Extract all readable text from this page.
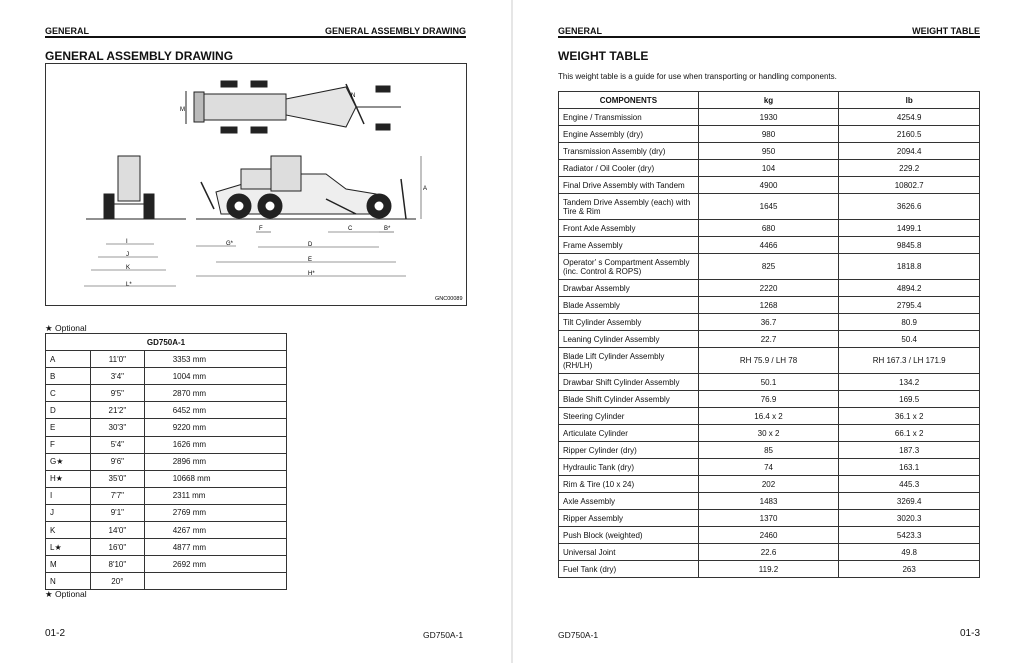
GENERAL	GENERAL ASSEMBLY DRAWING
GENERAL ASSEMBLY DRAWING
M
N
A
I
J
K
L*
G*
F
D
C	B*
E
H*
GNC00089
★ Optional
GD750A-1		
A	11'0"	3353 mm
B	3'4"	1004 mm
C	9'5"	2870 mm
D	21'2"	6452 mm
E	30'3"	9220 mm
F	5'4"	1626 mm
G★	9'6"	2896 mm
H★	35'0"	10668 mm
I	7'7"	2311 mm
J	9'1"	2769 mm
K	14'0"	4267 mm
L★	16'0"	4877 mm
M	8'10"	2692 mm
N	20°	
★ Optional
01-2	GD750A-1
GENERAL	WEIGHT TABLE
WEIGHT TABLE
This weight table is a guide for use when transporting or handling components.
COMPONENTS	kg	lb
Engine / Transmission	1930	4254.9
Engine Assembly (dry)	980	2160.5
Transmission Assembly (dry)	950	2094.4
Radiator / Oil Cooler (dry)	104	229.2
Final Drive Assembly with Tandem	4900	10802.7
Tandem Drive Assembly (each) with Tire & Rim	1645	3626.6
Front Axle Assembly	680	1499.1
Frame Assembly	4466	9845.8
Operator' s Compartment Assembly (inc. Control & ROPS)	825	1818.8
Drawbar Assembly	2220	4894.2
Blade Assembly	1268	2795.4
Tilt Cylinder Assembly	36.7	80.9
Leaning Cylinder Assembly	22.7	50.4
Blade Lift Cylinder Assembly (RH/LH)	RH 75.9 / LH 78	RH 167.3 / LH 171.9
Drawbar Shift Cylinder Assembly	50.1	134.2
Blade Shift Cylinder Assembly	76.9	169.5
Steering Cylinder	16.4 x 2	36.1 x 2
Articulate Cylinder	30 x 2	66.1 x 2
Ripper Cylinder (dry)	85	187.3
Hydraulic Tank (dry)	74	163.1
Rim & Tire (10 x 24)	202	445.3
Axle Assembly	1483	3269.4
Ripper Assembly	1370	3020.3
Push Block (weighted)	2460	5423.3
Universal Joint	22.6	49.8
Fuel Tank (dry)	119.2	263
GD750A-1	01-3
